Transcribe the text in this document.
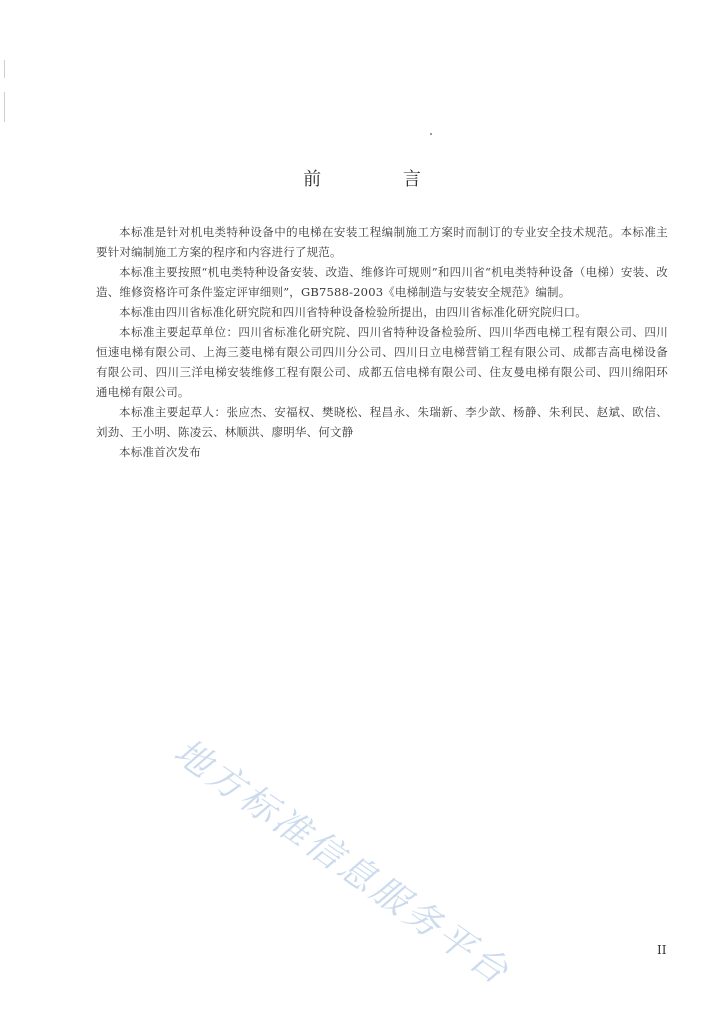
前 言

本标准是针对机电类特种设备中的电梯在安装工程编制施工方案时而制订的专业安全技术规范。本标准主要针对编制施工方案的程序和内容进行了规范。

本标准主要按照“机电类特种设备安装、改造、维修许可规则”和四川省“机电类特种设备（电梯）安装、改造、维修资格许可条件鉴定评审细则”，GB7588-2003《电梯制造与安装安全规范》编制。

本标准由四川省标准化研究院和四川省特种设备检验所提出，由四川省标准化研究院归口。

本标准主要起草单位：四川省标准化研究院、四川省特种设备检验所、四川华西电梯工程有限公司、四川恒速电梯有限公司、上海三菱电梯有限公司四川分公司、四川日立电梯营销工程有限公司、成都吉高电梯设备有限公司、四川三洋电梯安装维修工程有限公司、成都五信电梯有限公司、住友曼电梯有限公司、四川绵阳环通电梯有限公司。

本标准主要起草人：张应杰、安福权、樊晓松、程昌永、朱瑞新、李少歆、杨静、朱利民、赵斌、欧信、刘劲、王小明、陈凌云、林顺洪、廖明华、何文静

本标准首次发布

地方标准信息服务平台	II
